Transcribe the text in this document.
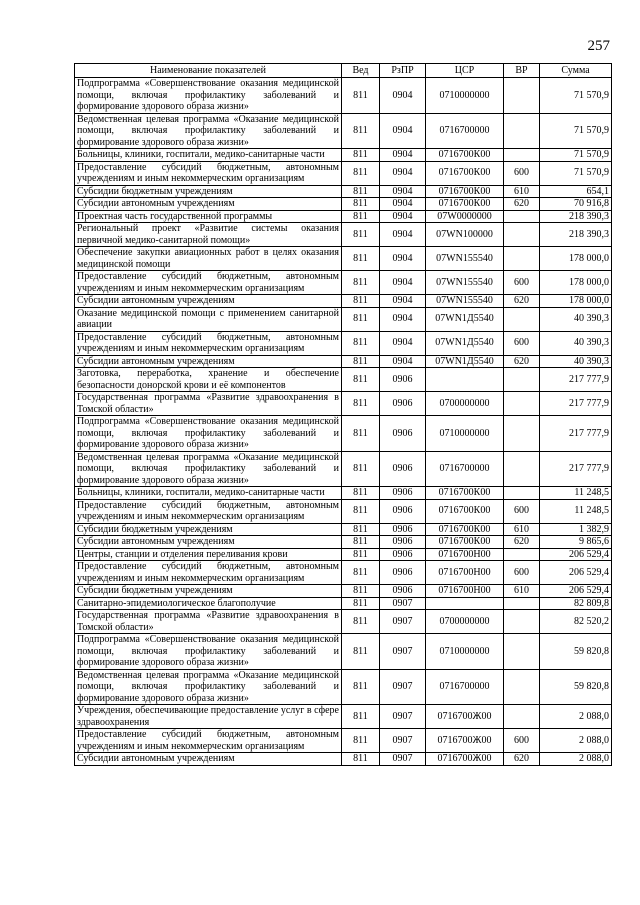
257
Наименование показателей	Вед	РзПР	ЦСР	ВР	Сумма
Подпрограмма «Совершенствование оказания медицинской помощи, включая профилактику заболеваний и формирование здорового образа жизни»	811	0904	0710000000		71 570,9
Ведомственная целевая программа «Оказание медицинской помощи, включая профилактику заболеваний и формирование здорового образа жизни»	811	0904	0716700000		71 570,9
Больницы, клиники, госпитали, медико-санитарные части	811	0904	0716700К00		71 570,9
Предоставление субсидий бюджетным, автономным учреждениям и иным некоммерческим организациям	811	0904	0716700К00	600	71 570,9
Субсидии бюджетным учреждениям	811	0904	0716700К00	610	654,1
Субсидии автономным учреждениям	811	0904	0716700К00	620	70 916,8
Проектная часть государственной программы	811	0904	07W0000000		218 390,3
Региональный проект «Развитие системы оказания первичной медико-санитарной помощи»	811	0904	07WN100000		218 390,3
Обеспечение закупки авиационных работ в целях оказания медицинской помощи	811	0904	07WN155540		178 000,0
Предоставление субсидий бюджетным, автономным учреждениям и иным некоммерческим организациям	811	0904	07WN155540	600	178 000,0
Субсидии автономным учреждениям	811	0904	07WN155540	620	178 000,0
Оказание медицинской помощи с применением санитарной авиации	811	0904	07WN1Д5540		40 390,3
Предоставление субсидий бюджетным, автономным учреждениям и иным некоммерческим организациям	811	0904	07WN1Д5540	600	40 390,3
Субсидии автономным учреждениям	811	0904	07WN1Д5540	620	40 390,3
Заготовка, переработка, хранение и обеспечение безопасности донорской крови и её компонентов	811	0906			217 777,9
Государственная программа «Развитие здравоохранения в Томской области»	811	0906	0700000000		217 777,9
Подпрограмма «Совершенствование оказания медицинской помощи, включая профилактику заболеваний и формирование здорового образа жизни»	811	0906	0710000000		217 777,9
Ведомственная целевая программа «Оказание медицинской помощи, включая профилактику заболеваний и формирование здорового образа жизни»	811	0906	0716700000		217 777,9
Больницы, клиники, госпитали, медико-санитарные части	811	0906	0716700К00		11 248,5
Предоставление субсидий бюджетным, автономным учреждениям и иным некоммерческим организациям	811	0906	0716700К00	600	11 248,5
Субсидии бюджетным учреждениям	811	0906	0716700К00	610	1 382,9
Субсидии автономным учреждениям	811	0906	0716700К00	620	9 865,6
Центры, станции и отделения переливания крови	811	0906	0716700Н00		206 529,4
Предоставление субсидий бюджетным, автономным учреждениям и иным некоммерческим организациям	811	0906	0716700Н00	600	206 529,4
Субсидии бюджетным учреждениям	811	0906	0716700Н00	610	206 529,4
Санитарно-эпидемиологическое благополучие	811	0907			82 809,8
Государственная программа «Развитие здравоохранения в Томской области»	811	0907	0700000000		82 520,2
Подпрограмма «Совершенствование оказания медицинской помощи, включая профилактику заболеваний и формирование здорового образа жизни»	811	0907	0710000000		59 820,8
Ведомственная целевая программа «Оказание медицинской помощи, включая профилактику заболеваний и формирование здорового образа жизни»	811	0907	0716700000		59 820,8
Учреждения, обеспечивающие предоставление услуг в сфере здравоохранения	811	0907	0716700Ж00		2 088,0
Предоставление субсидий бюджетным, автономным учреждениям и иным некоммерческим организациям	811	0907	0716700Ж00	600	2 088,0
Субсидии автономным учреждениям	811	0907	0716700Ж00	620	2 088,0
